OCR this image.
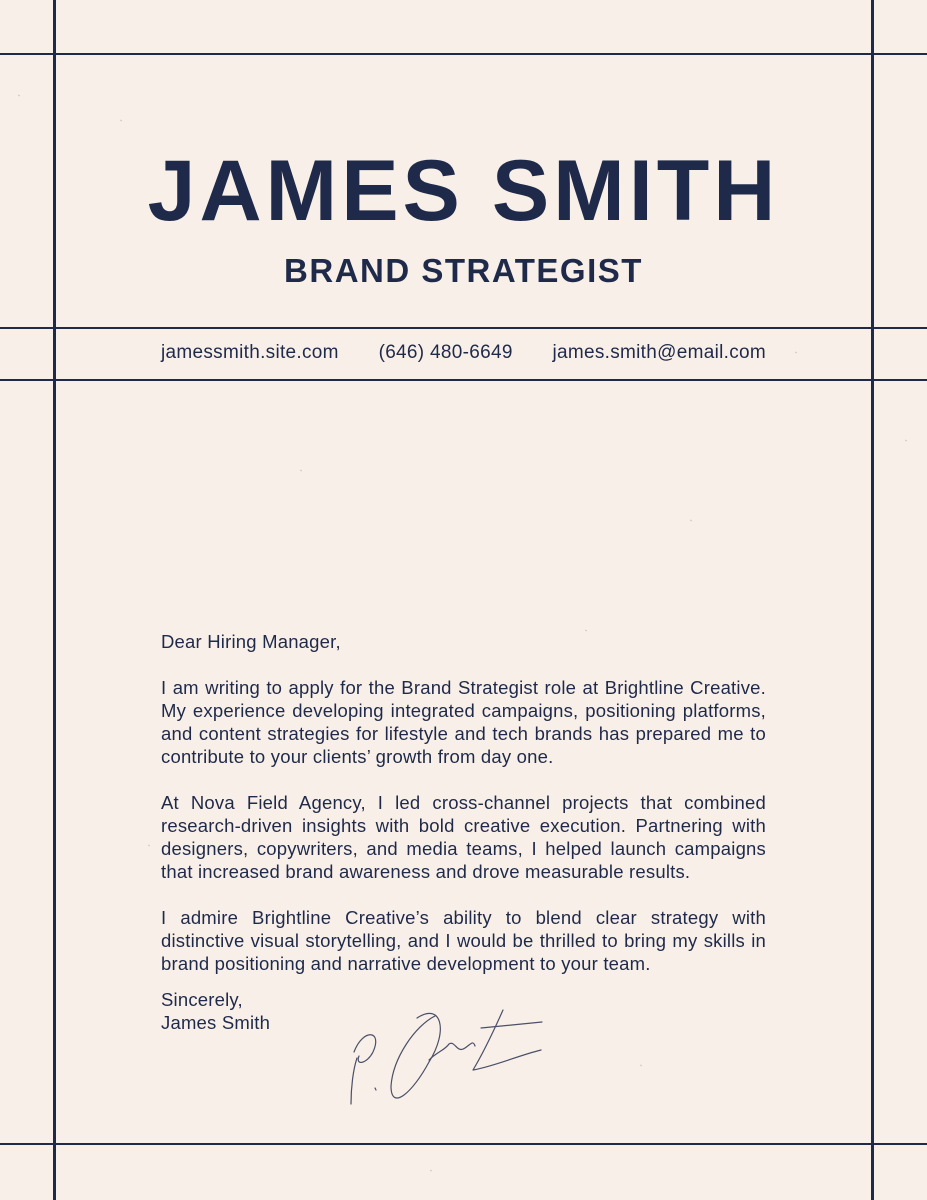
JAMES SMITH
BRAND STRATEGIST
jamessmith.site.com (646) 480-6649 james.smith@email.com

Dear Hiring Manager,

I am writing to apply for the Brand Strategist role at Brightline Creative. My experience developing integrated campaigns, positioning platforms, and content strategies for lifestyle and tech brands has prepared me to contribute to your clients’ growth from day one.

At Nova Field Agency, I led cross-channel projects that combined research-driven insights with bold creative execution. Partnering with designers, copywriters, and media teams, I helped launch campaigns that increased brand awareness and drove measurable results.

I admire Brightline Creative’s ability to blend clear strategy with distinctive visual storytelling, and I would be thrilled to bring my skills in brand positioning and narrative development to your team.

Sincerely,
James Smith
